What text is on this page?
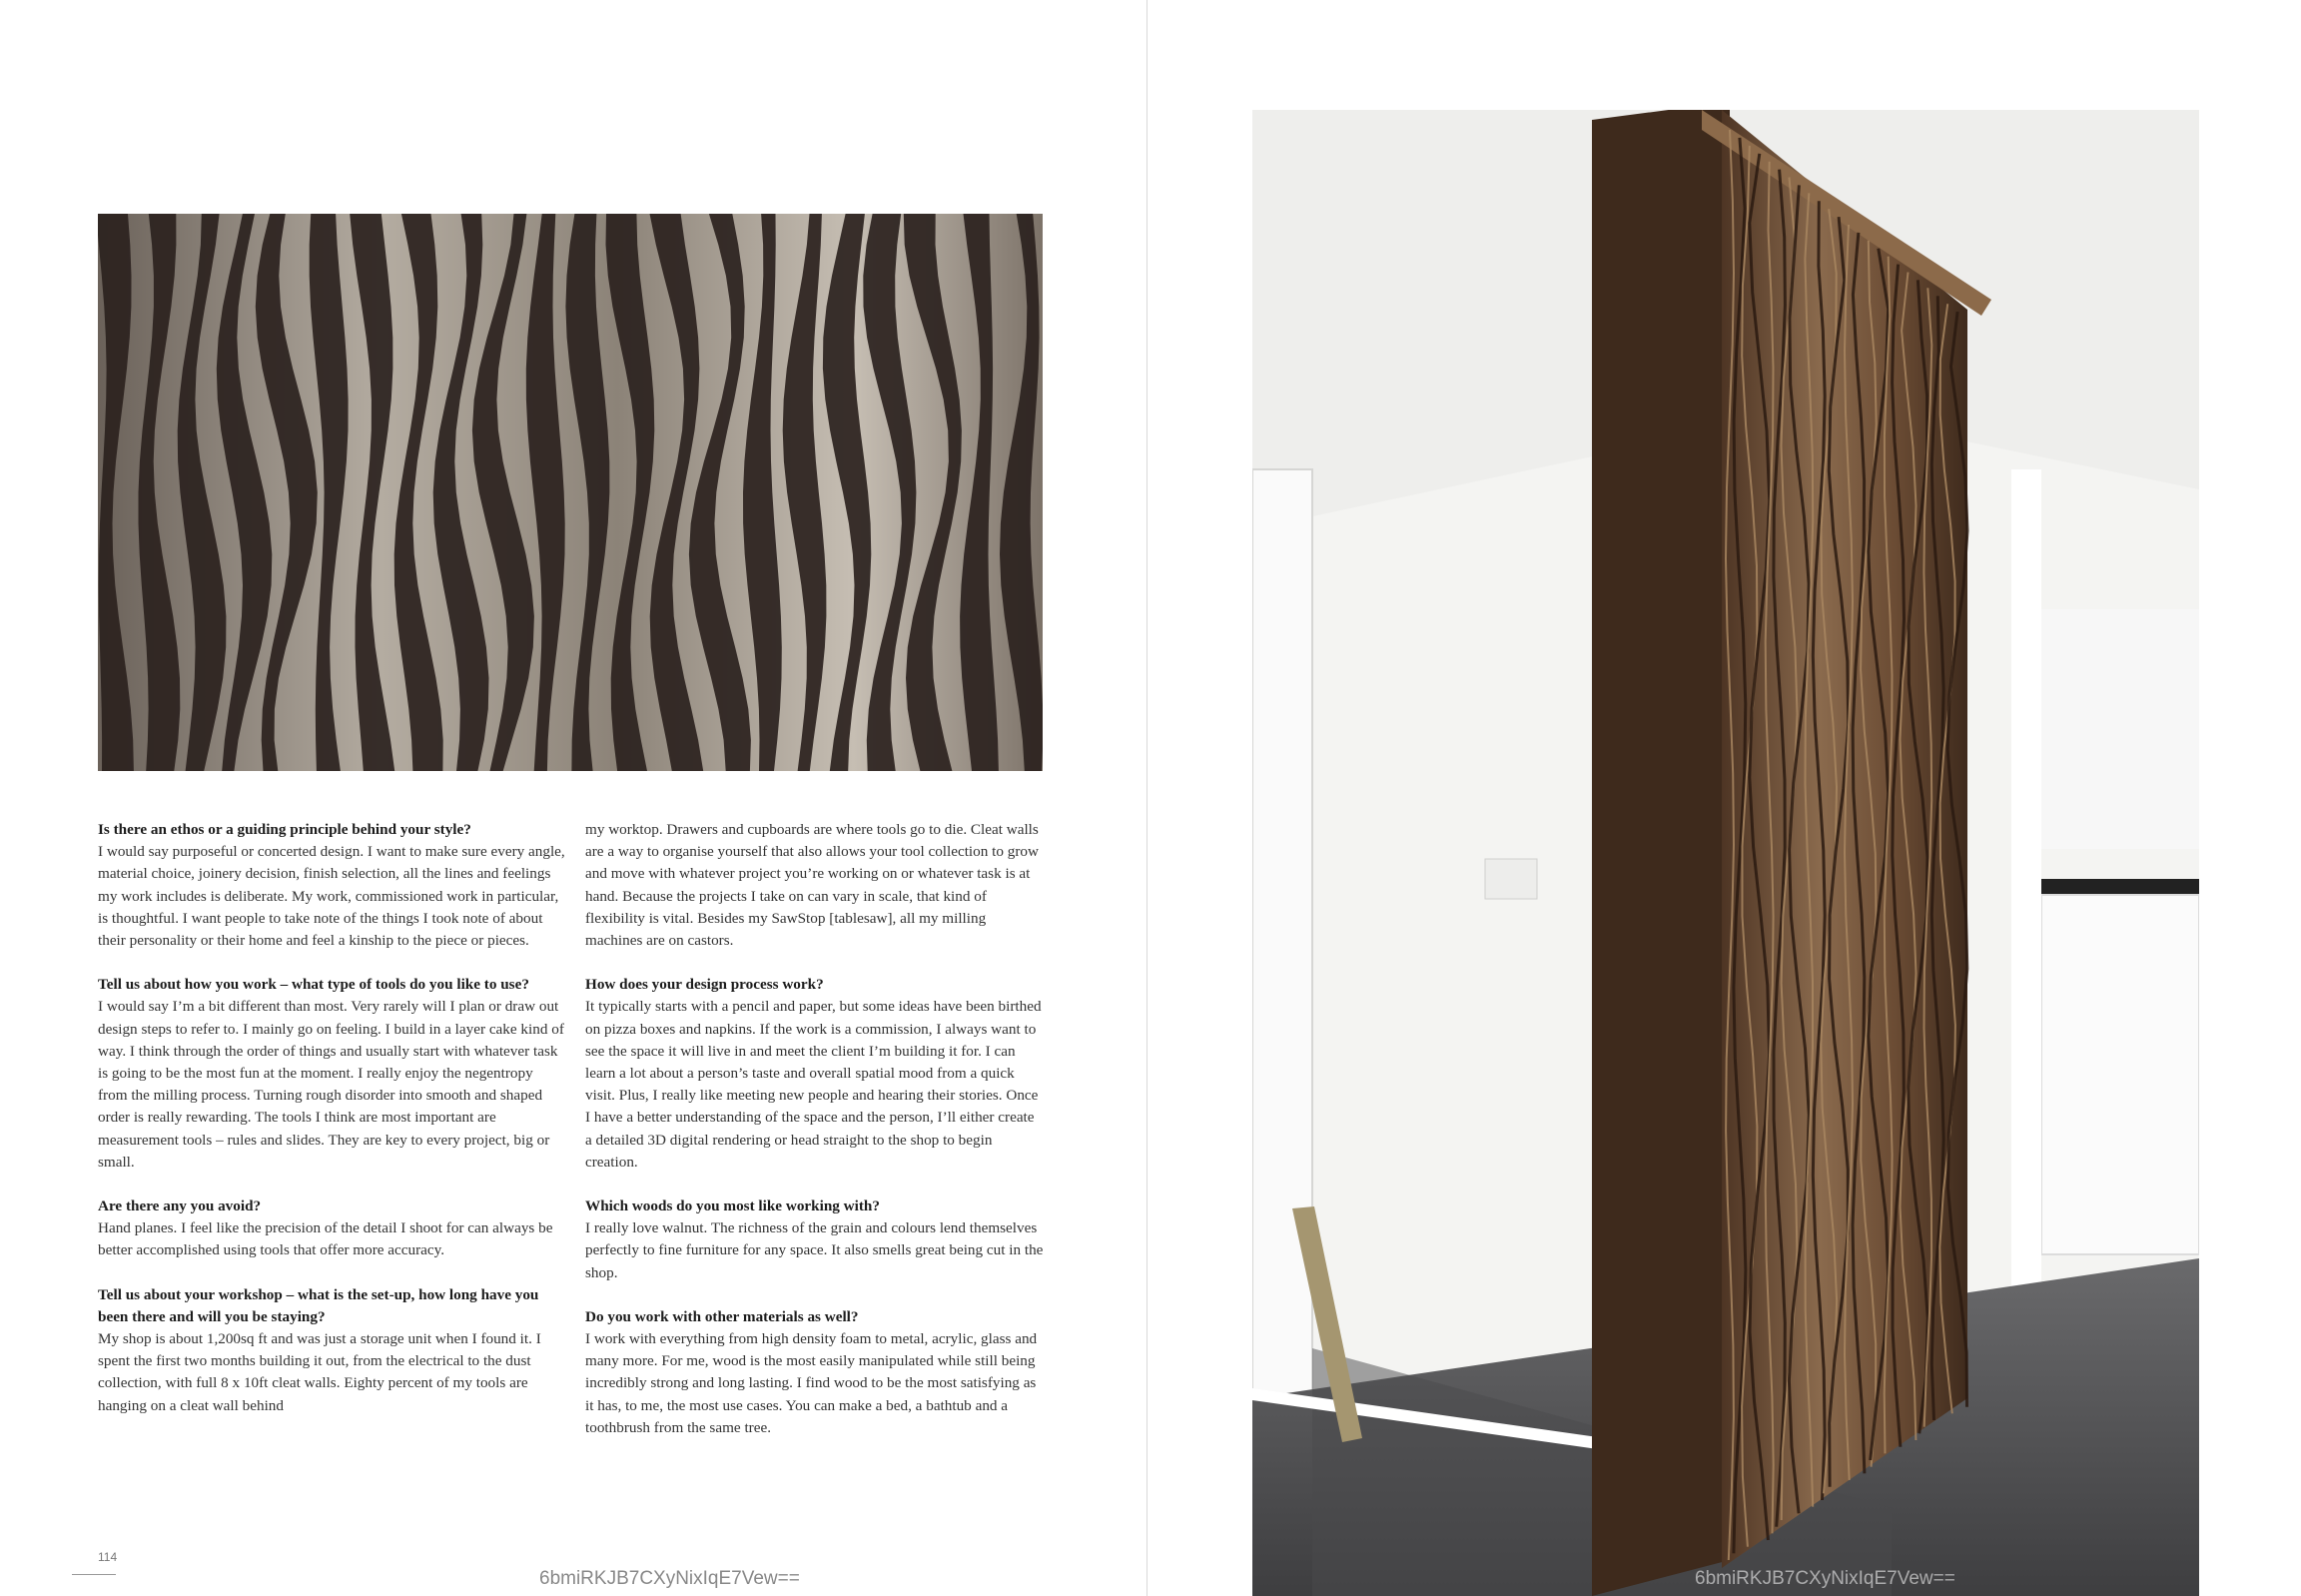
Is there an ethos or a guiding principle behind your style?

I would say purposeful or concerted design. I want to make sure every angle, material choice, joinery decision, finish selection, all the lines and feelings my work includes is deliberate. My work, commissioned work in particular, is thoughtful. I want people to take note of the things I took note of about their personality or their home and feel a kinship to the piece or pieces.

Tell us about how you work – what type of tools do you like to use?

I would say I’m a bit different than most. Very rarely will I plan or draw out design steps to refer to. I mainly go on feeling. I build in a layer cake kind of way. I think through the order of things and usually start with whatever task is going to be the most fun at the moment. I really enjoy the negentropy from the milling process. Turning rough disorder into smooth and shaped order is really rewarding. The tools I think are most important are measurement tools – rules and slides. They are key to every project, big or small.

Are there any you avoid?

Hand planes. I feel like the precision of the detail I shoot for can always be better accomplished using tools that offer more accuracy.

Tell us about your workshop – what is the set-up, how long have you been there and will you be staying?

My shop is about 1,200sq ft and was just a storage unit when I found it. I spent the first two months building it out, from the electrical to the dust collection, with full 8 x 10ft cleat walls. Eighty percent of my tools are hanging on a cleat wall behind

my worktop. Drawers and cupboards are where tools go to die. Cleat walls are a way to organise yourself that also allows your tool collection to grow and move with whatever project you’re working on or whatever task is at hand. Because the projects I take on can vary in scale, that kind of flexibility is vital. Besides my SawStop [tablesaw], all my milling machines are on castors.

How does your design process work?

It typically starts with a pencil and paper, but some ideas have been birthed on pizza boxes and napkins. If the work is a commission, I always want to see the space it will live in and meet the client I’m building it for. I can learn a lot about a person’s taste and overall spatial mood from a quick visit. Plus, I really like meeting new people and hearing their stories. Once I have a better understanding of the space and the person, I’ll either create a detailed 3D digital rendering or head straight to the shop to begin creation.

Which woods do you most like working with?

I really love walnut. The richness of the grain and colours lend themselves perfectly to fine furniture for any space. It also smells great being cut in the shop.

Do you work with other materials as well?

I work with everything from high density foam to metal, acrylic, glass and many more. For me, wood is the most easily manipulated while still being incredibly strong and long lasting. I find wood to be the most satisfying as it has, to me, the most use cases. You can make a bed, a bathtub and a toothbrush from the same tree.

114
6bmiRKJB7CXyNixIqE7Vew==	6bmiRKJB7CXyNixIqE7Vew==
